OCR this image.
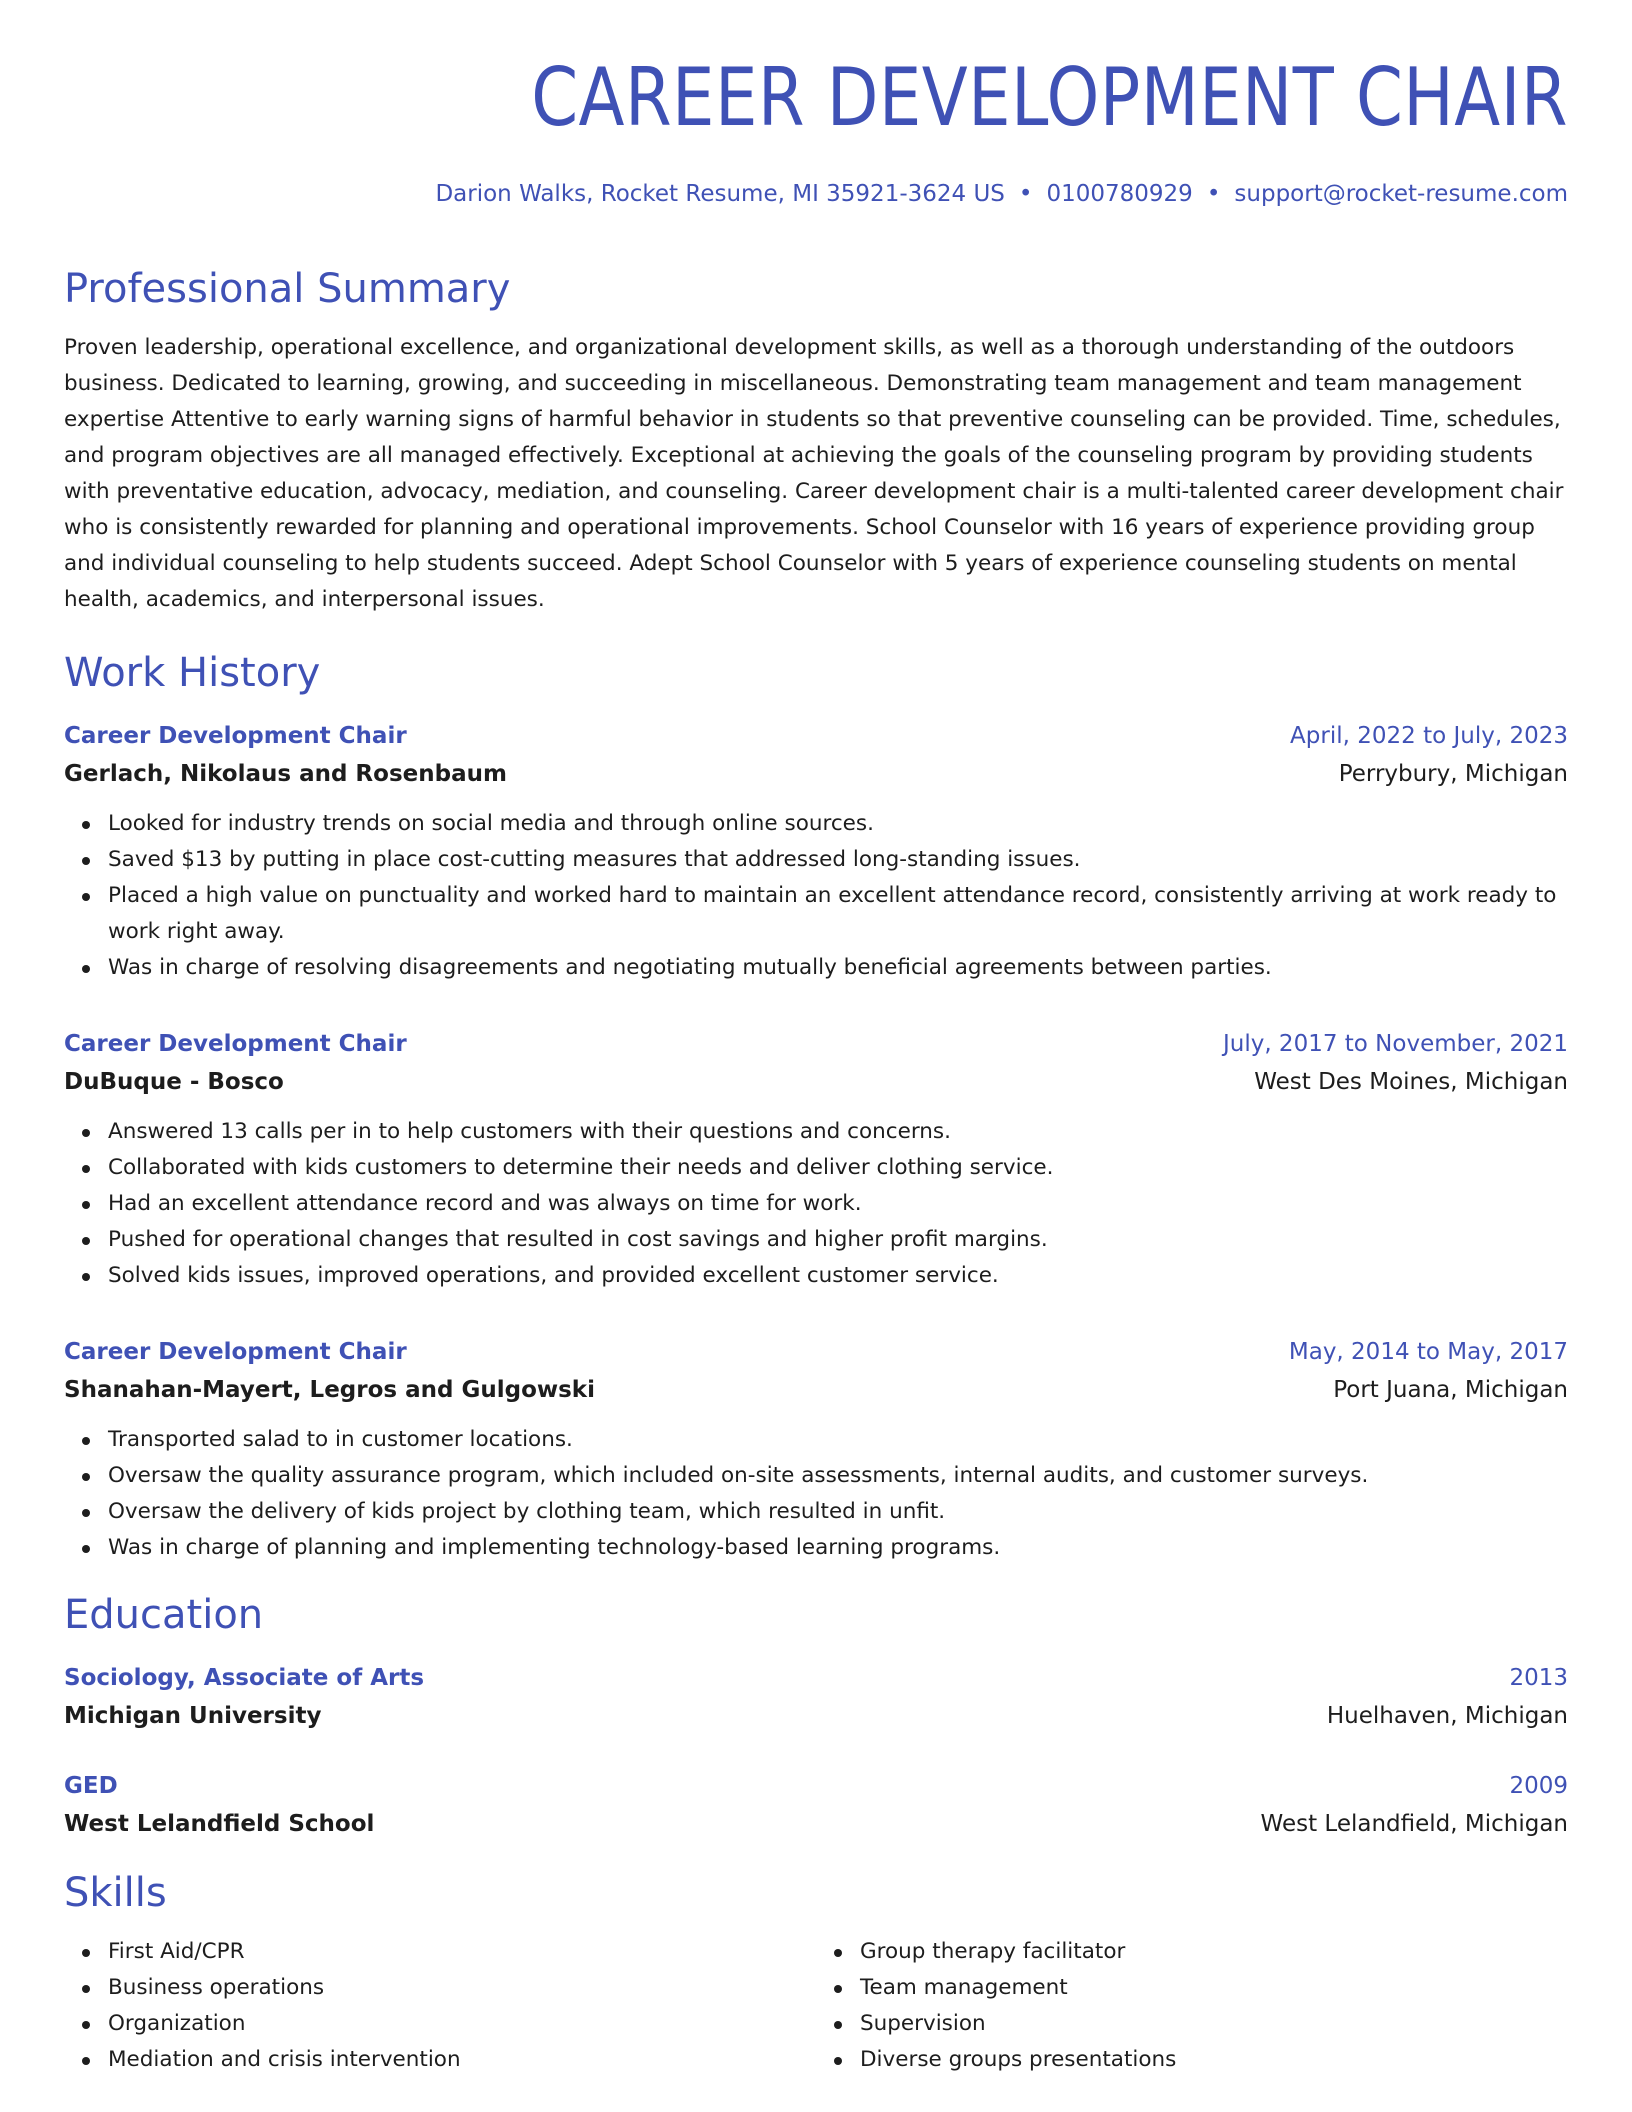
CAREER DEVELOPMENT CHAIR
Darion Walks, Rocket Resume, MI 35921-3624 US • 0100780929 • support@rocket-resume.com
Professional Summary
Proven leadership, operational excellence, and organizational development skills, as well as a thorough understanding of the outdoors business. Dedicated to learning, growing, and succeeding in miscellaneous. Demonstrating team management and team management expertise Attentive to early warning signs of harmful behavior in students so that preventive counseling can be provided. Time, schedules, and program objectives are all managed effectively. Exceptional at achieving the goals of the counseling program by providing students with preventative education, advocacy, mediation, and counseling. Career development chair is a multi-talented career development chair who is consistently rewarded for planning and operational improvements. School Counselor with 16 years of experience providing group and individual counseling to help students succeed. Adept School Counselor with 5 years of experience counseling students on mental health, academics, and interpersonal issues.
Work History
Career Development Chair	April, 2022 to July, 2023
Gerlach, Nikolaus and Rosenbaum	Perrybury, Michigan
Looked for industry trends on social media and through online sources.
Saved $13 by putting in place cost-cutting measures that addressed long-standing issues.
Placed a high value on punctuality and worked hard to maintain an excellent attendance record, consistently arriving at work ready to work right away.
Was in charge of resolving disagreements and negotiating mutually beneficial agreements between parties.
Career Development Chair	July, 2017 to November, 2021
DuBuque - Bosco	West Des Moines, Michigan
Answered 13 calls per in to help customers with their questions and concerns.
Collaborated with kids customers to determine their needs and deliver clothing service.
Had an excellent attendance record and was always on time for work.
Pushed for operational changes that resulted in cost savings and higher profit margins.
Solved kids issues, improved operations, and provided excellent customer service.
Career Development Chair	May, 2014 to May, 2017
Shanahan-Mayert, Legros and Gulgowski	Port Juana, Michigan
Transported salad to in customer locations.
Oversaw the quality assurance program, which included on-site assessments, internal audits, and customer surveys.
Oversaw the delivery of kids project by clothing team, which resulted in unfit.
Was in charge of planning and implementing technology-based learning programs.
Education
Sociology, Associate of Arts	2013
Michigan University	Huelhaven, Michigan
GED	2009
West Lelandfield School	West Lelandfield, Michigan
Skills
First Aid/CPR
Business operations
Organization
Mediation and crisis intervention
Group therapy facilitator
Team management
Supervision
Diverse groups presentations
